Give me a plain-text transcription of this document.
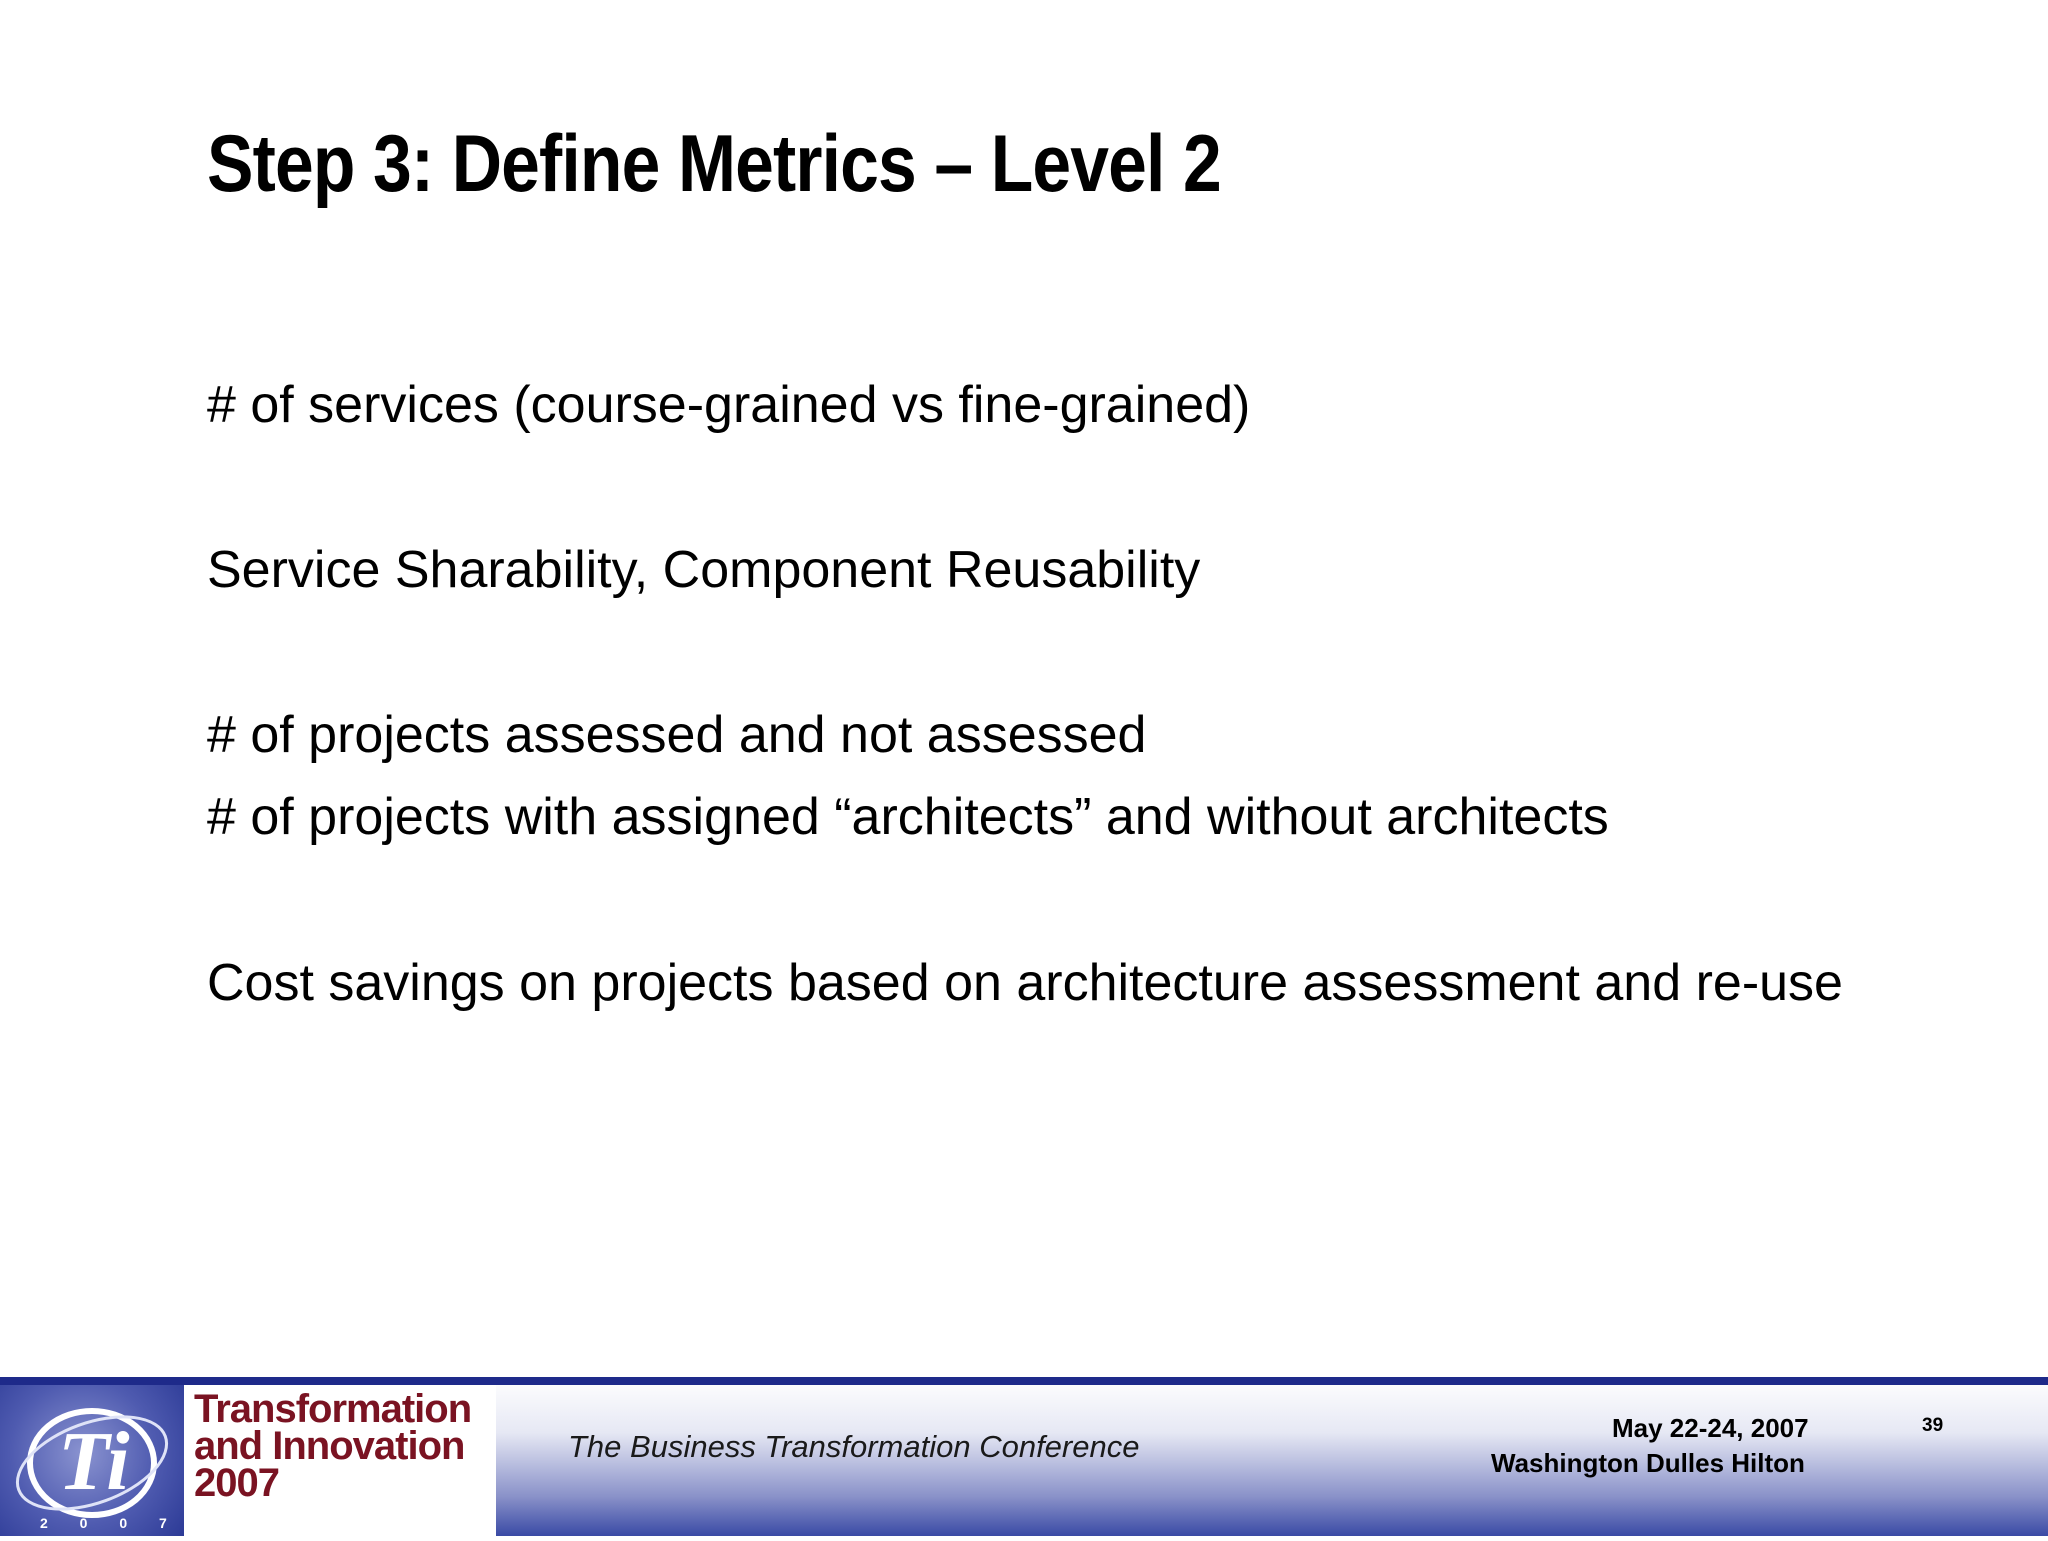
Step 3: Define Metrics – Level 2
# of services (course-grained vs fine-grained)
Service Sharability, Component Reusability
# of projects assessed and not assessed
# of projects with assigned “architects” and without architects
Cost savings on projects based on architecture assessment and re-use
Ti
2 0 0 7
Transformation
and Innovation
2007
The Business Transformation Conference
May 22-24, 2007
Washington Dulles Hilton
39
